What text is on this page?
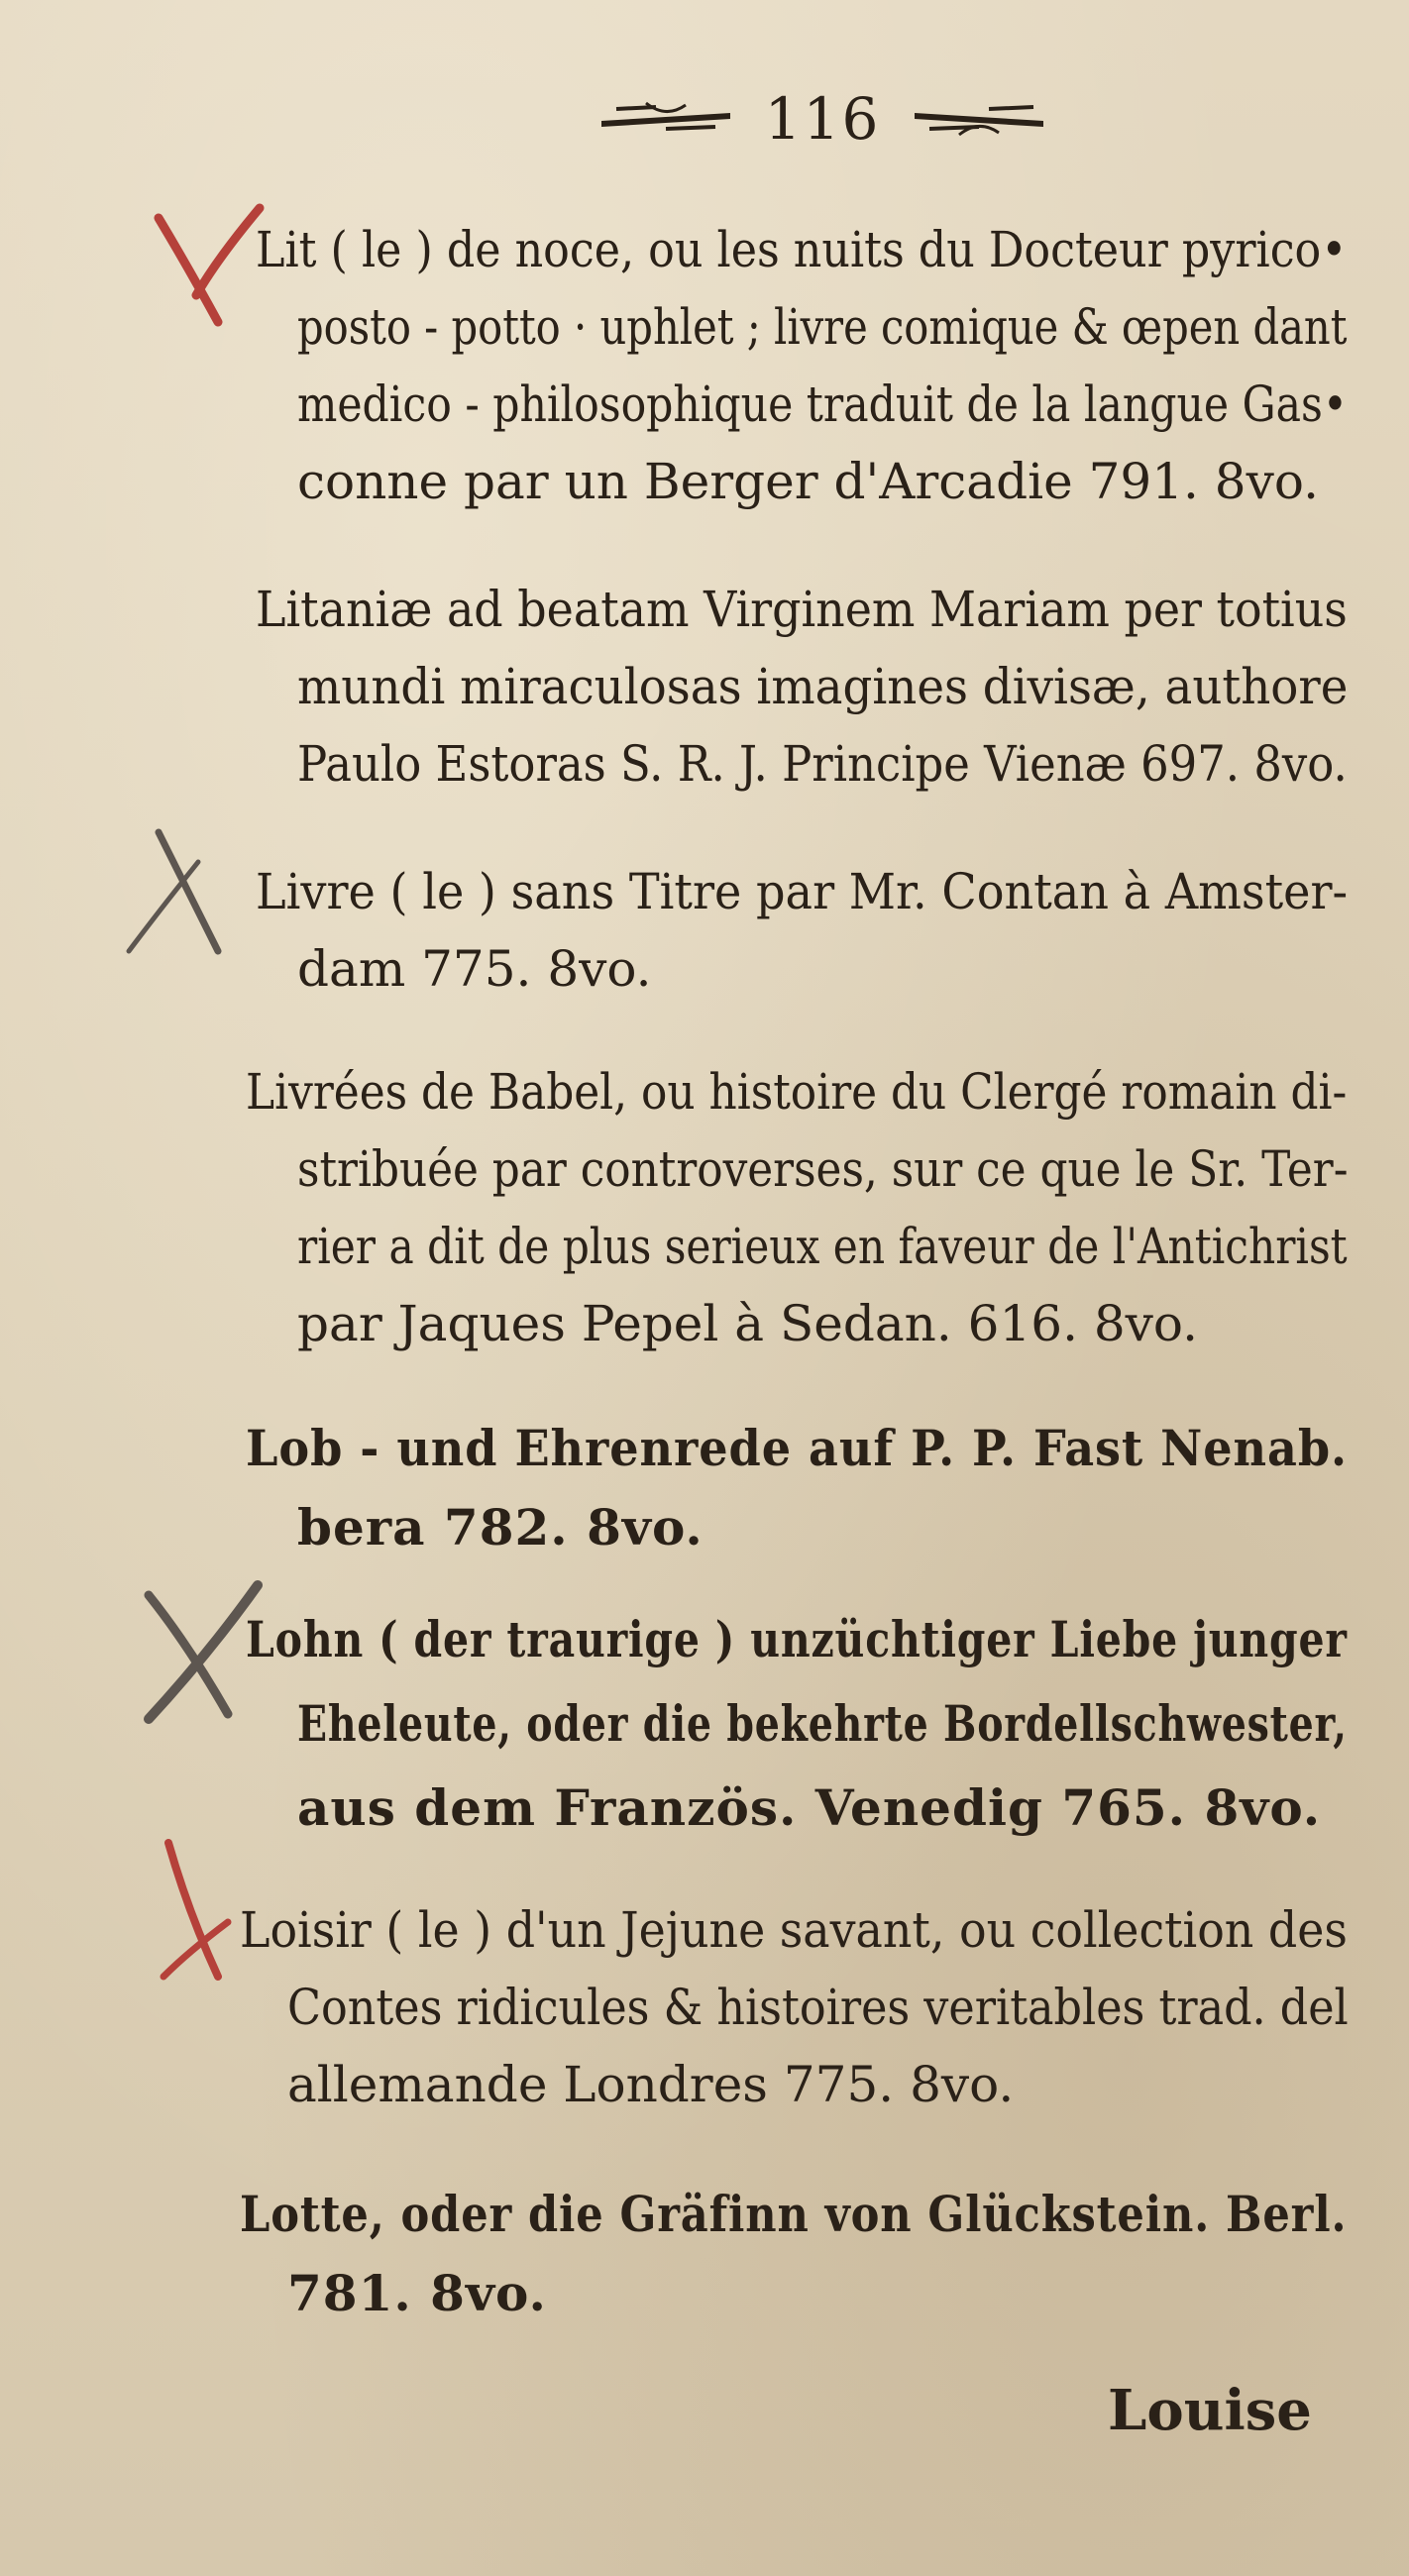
116
Lit ( le ) de noce, ou les nuits du Docteur pyrico•
posto - potto · uphlet ; livre comique & œpen dant
medico - philosophique traduit de la langue Gas•
conne par un Berger d'Arcadie 791. 8vo.
Litaniæ ad beatam Virginem Mariam per totius
mundi miraculosas imagines divisæ, authore
Paulo Estoras S. R. J. Principe Vienæ 697. 8vo.
Livre ( le ) sans Titre par Mr. Contan à Amster-
dam 775. 8vo.
Livrées de Babel, ou histoire du Clergé romain di-
stribuée par controverses, sur ce que le Sr. Ter-
rier a dit de plus serieux en faveur de l'Antichrist
par Jaques Pepel à Sedan. 616. 8vo.
Lob - und Ehrenrede auf P. P. Fast Nenab.
bera 782. 8vo.
Lohn ( der traurige ) unzüchtiger Liebe junger
Eheleute, oder die bekehrte Bordellschwester,
aus dem Französ. Venedig 765. 8vo.
Loisir ( le ) d'un Jejune savant, ou collection des
Contes ridicules & histoires veritables trad. del
allemande Londres 775. 8vo.
Lotte, oder die Gräfinn von Glückstein. Berl.
781. 8vo.
Louise
